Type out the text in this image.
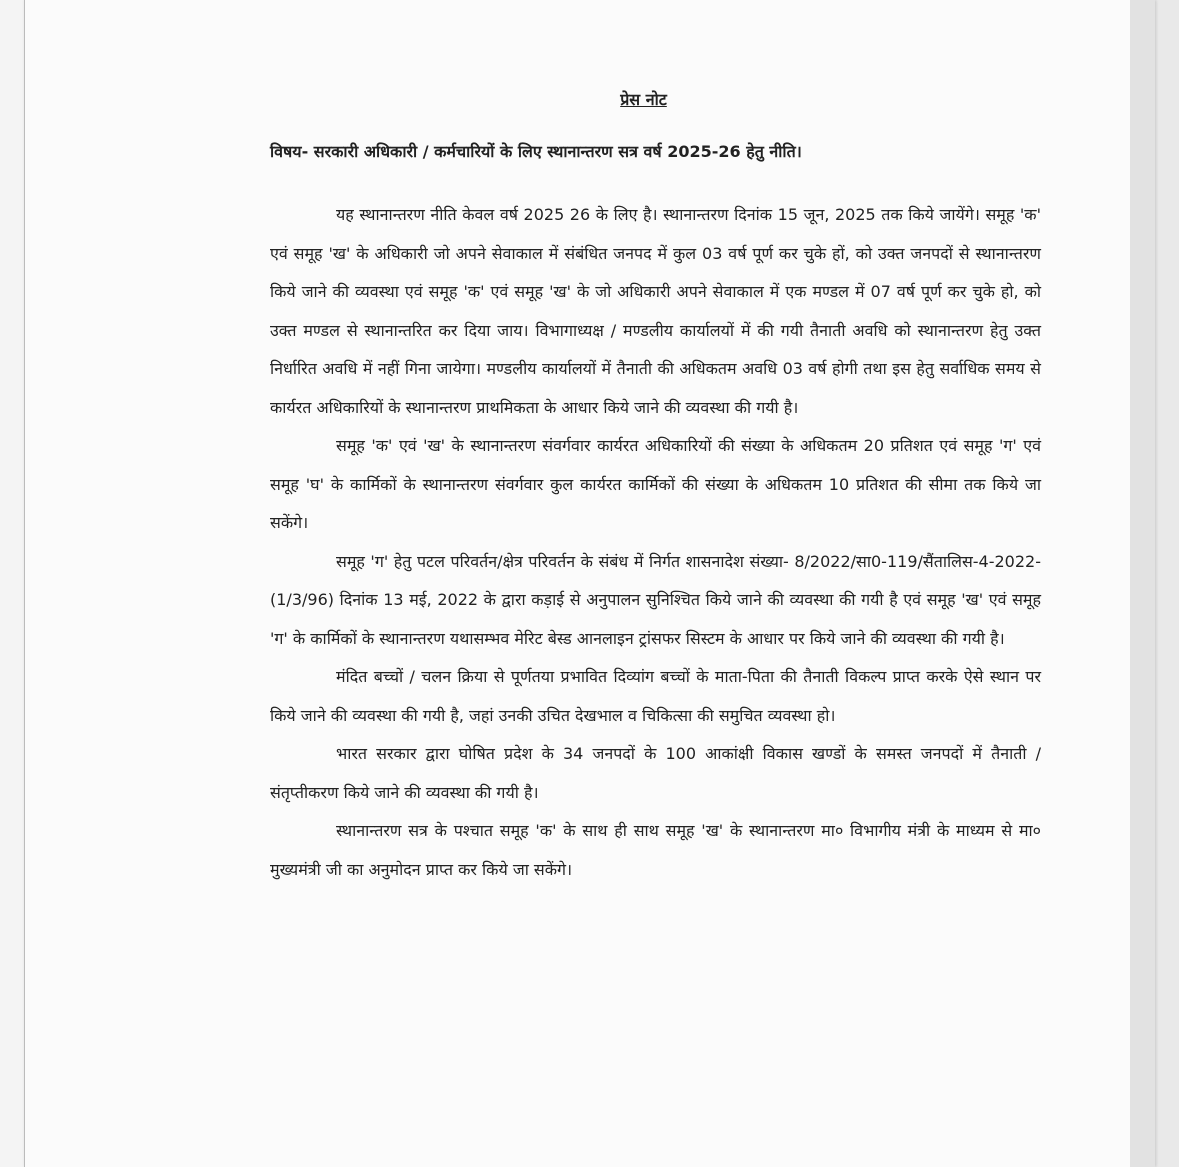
प्रेस नोट
विषय- सरकारी अधिकारी / कर्मचारियों के लिए स्थानान्तरण सत्र वर्ष 2025-26 हेतु नीति।

यह स्थानान्तरण नीति केवल वर्ष 2025 26 के लिए है। स्थानान्तरण दिनांक 15 जून, 2025 तक किये जायेंगे। समूह 'क' एवं समूह 'ख' के अधिकारी जो अपने सेवाकाल में संबंधित जनपद में कुल 03 वर्ष पूर्ण कर चुके हों, को उक्त जनपदों से स्थानान्तरण किये जाने की व्यवस्था एवं समूह 'क' एवं समूह 'ख' के जो अधिकारी अपने सेवाकाल में एक मण्डल में 07 वर्ष पूर्ण कर चुके हो, को उक्त मण्डल से स्थानान्तरित कर दिया जाय। विभागाध्यक्ष / मण्डलीय कार्यालयों में की गयी तैनाती अवधि को स्थानान्तरण हेतु उक्त निर्धारित अवधि में नहीं गिना जायेगा। मण्डलीय कार्यालयों में तैनाती की अधिकतम अवधि 03 वर्ष होगी तथा इस हेतु सर्वाधिक समय से कार्यरत अधिकारियों के स्थानान्तरण प्राथमिकता के आधार किये जाने की व्यवस्था की गयी है।

समूह 'क' एवं 'ख' के स्थानान्तरण संवर्गवार कार्यरत अधिकारियों की संख्या के अधिकतम 20 प्रतिशत एवं समूह 'ग' एवं समूह 'घ' के कार्मिकों के स्थानान्तरण संवर्गवार कुल कार्यरत कार्मिकों की संख्या के अधिकतम 10 प्रतिशत की सीमा तक किये जा सकेंगे।

समूह 'ग' हेतु पटल परिवर्तन/क्षेत्र परिवर्तन के संबंध में निर्गत शासनादेश संख्या- 8/2022/सा0-119/सैंतालिस-4-2022-(1/3/96) दिनांक 13 मई, 2022 के द्वारा कड़ाई से अनुपालन सुनिश्चित किये जाने की व्यवस्था की गयी है एवं समूह 'ख' एवं समूह 'ग' के कार्मिकों के स्थानान्तरण यथासम्भव मेरिट बेस्ड आनलाइन ट्रांसफर सिस्टम के आधार पर किये जाने की व्यवस्था की गयी है।

मंदित बच्चों / चलन क्रिया से पूर्णतया प्रभावित दिव्यांग बच्चों के माता-पिता की तैनाती विकल्प प्राप्त करके ऐसे स्थान पर किये जाने की व्यवस्था की गयी है, जहां उनकी उचित देखभाल व चिकित्सा की समुचित व्यवस्था हो।

भारत सरकार द्वारा घोषित प्रदेश के 34 जनपदों के 100 आकांक्षी विकास खण्डों के समस्त जनपदों में तैनाती / संतृप्तीकरण किये जाने की व्यवस्था की गयी है।

स्थानान्तरण सत्र के पश्चात समूह 'क' के साथ ही साथ समूह 'ख' के स्थानान्तरण मा० विभागीय मंत्री के माध्यम से मा० मुख्यमंत्री जी का अनुमोदन प्राप्त कर किये जा सकेंगे।
